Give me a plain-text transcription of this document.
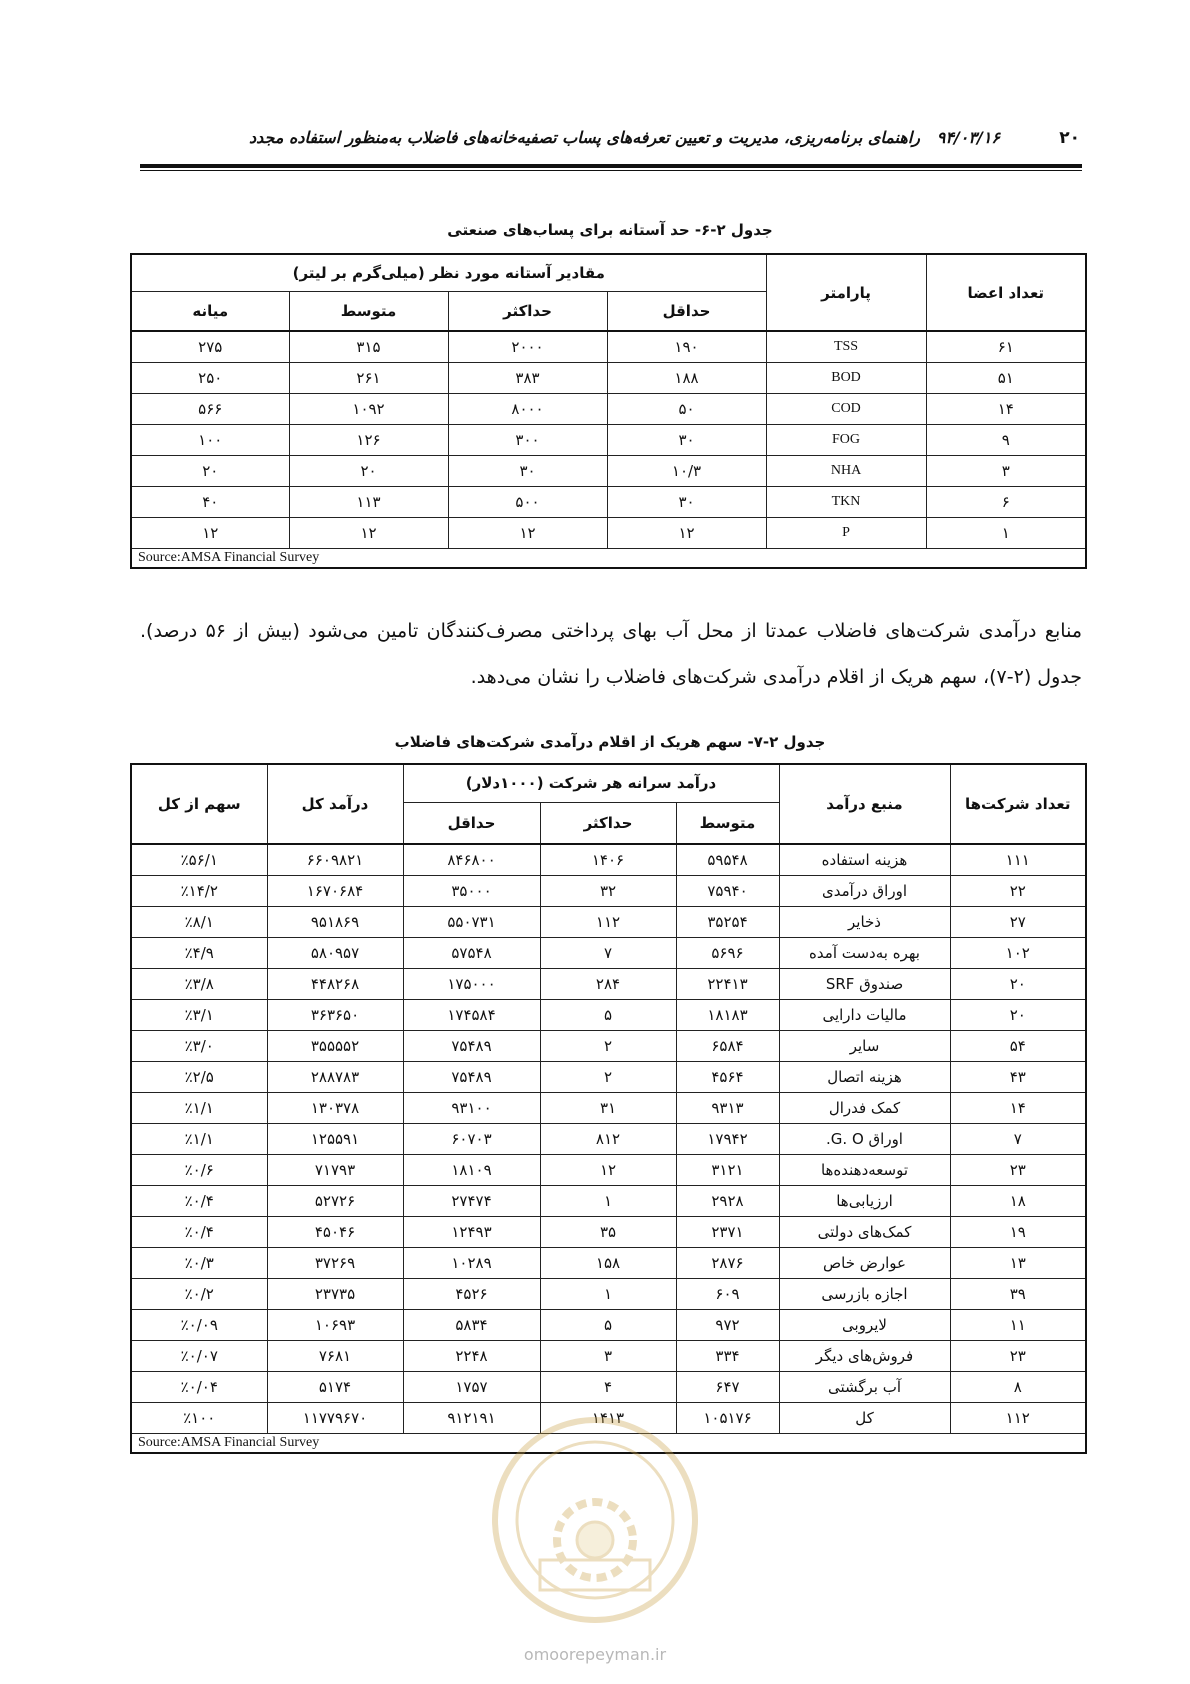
۲۰
۹۴/۰۳/۱۶
راهنمای برنامه‌ریزی، مدیریت و تعیین تعرفه‌های پساب تصفیه‌خانه‌های فاضلاب به‌منظور استفاده مجدد
جدول ۲-۶- حد آستانه برای پساب‌های صنعتی
تعداد اعضا	پارامتر	مقادیر آستانه مورد نظر (میلی‌گرم بر لیتر)			
		حداقل	حداکثر	متوسط	میانه
۶۱	TSS	۱۹۰	۲۰۰۰	۳۱۵	۲۷۵
۵۱	BOD	۱۸۸	۳۸۳	۲۶۱	۲۵۰
۱۴	COD	۵۰	۸۰۰۰	۱۰۹۲	۵۶۶
۹	FOG	۳۰	۳۰۰	۱۲۶	۱۰۰
۳	NHA	۱۰/۳	۳۰	۲۰	۲۰
۶	TKN	۳۰	۵۰۰	۱۱۳	۴۰
۱	P	۱۲	۱۲	۱۲	۱۲
Source:AMSA Financial Survey					
منابع درآمدی شرکت‌های فاضلاب عمدتا از محل آب بهای پرداختی مصرف‌کنندگان تامین می‌شود (بیش از ۵۶ درصد). جدول (۲-۷)، سهم هریک از اقلام درآمدی شرکت‌های فاضلاب را نشان می‌دهد.
جدول ۲-۷- سهم هریک از اقلام درآمدی شرکت‌های فاضلاب
تعداد شرکت‌ها	منبع درآمد	درآمد سرانه هر شرکت (۱۰۰۰دلار)			درآمد کل	سهم از کل
		متوسط	حداکثر	حداقل		
۱۱۱	هزینه استفاده	۵۹۵۴۸	۱۴۰۶	۸۴۶۸۰۰	۶۶۰۹۸۲۱	٪۵۶/۱
۲۲	اوراق درآمدی	۷۵۹۴۰	۳۲	۳۵۰۰۰	۱۶۷۰۶۸۴	٪۱۴/۲
۲۷	ذخایر	۳۵۲۵۴	۱۱۲	۵۵۰۷۳۱	۹۵۱۸۶۹	٪۸/۱
۱۰۲	بهره به‌دست آمده	۵۶۹۶	۷	۵۷۵۴۸	۵۸۰۹۵۷	٪۴/۹
۲۰	صندوق SRF	۲۲۴۱۳	۲۸۴	۱۷۵۰۰۰	۴۴۸۲۶۸	٪۳/۸
۲۰	مالیات دارایی	۱۸۱۸۳	۵	۱۷۴۵۸۴	۳۶۳۶۵۰	٪۳/۱
۵۴	سایر	۶۵۸۴	۲	۷۵۴۸۹	۳۵۵۵۵۲	٪۳/۰
۴۳	هزینه اتصال	۴۵۶۴	۲	۷۵۴۸۹	۲۸۸۷۸۳	٪۲/۵
۱۴	کمک فدرال	۹۳۱۳	۳۱	۹۳۱۰۰	۱۳۰۳۷۸	٪۱/۱
۷	اوراق G. O.	۱۷۹۴۲	۸۱۲	۶۰۷۰۳	۱۲۵۵۹۱	٪۱/۱
۲۳	توسعه‌دهنده‌ها	۳۱۲۱	۱۲	۱۸۱۰۹	۷۱۷۹۳	٪۰/۶
۱۸	ارزیابی‌ها	۲۹۲۸	۱	۲۷۴۷۴	۵۲۷۲۶	٪۰/۴
۱۹	کمک‌های دولتی	۲۳۷۱	۳۵	۱۲۴۹۳	۴۵۰۴۶	٪۰/۴
۱۳	عوارض خاص	۲۸۷۶	۱۵۸	۱۰۲۸۹	۳۷۲۶۹	٪۰/۳
۳۹	اجازه بازرسی	۶۰۹	۱	۴۵۲۶	۲۳۷۳۵	٪۰/۲
۱۱	لایروبی	۹۷۲	۵	۵۸۳۴	۱۰۶۹۳	٪۰/۰۹
۲۳	فروش‌های دیگر	۳۳۴	۳	۲۲۴۸	۷۶۸۱	٪۰/۰۷
۸	آب برگشتی	۶۴۷	۴	۱۷۵۷	۵۱۷۴	٪۰/۰۴
۱۱۲	کل	۱۰۵۱۷۶	۱۴۱۳	۹۱۲۱۹۱	۱۱۷۷۹۶۷۰	٪۱۰۰
Source:AMSA Financial Survey						
omoorepeyman.ir
